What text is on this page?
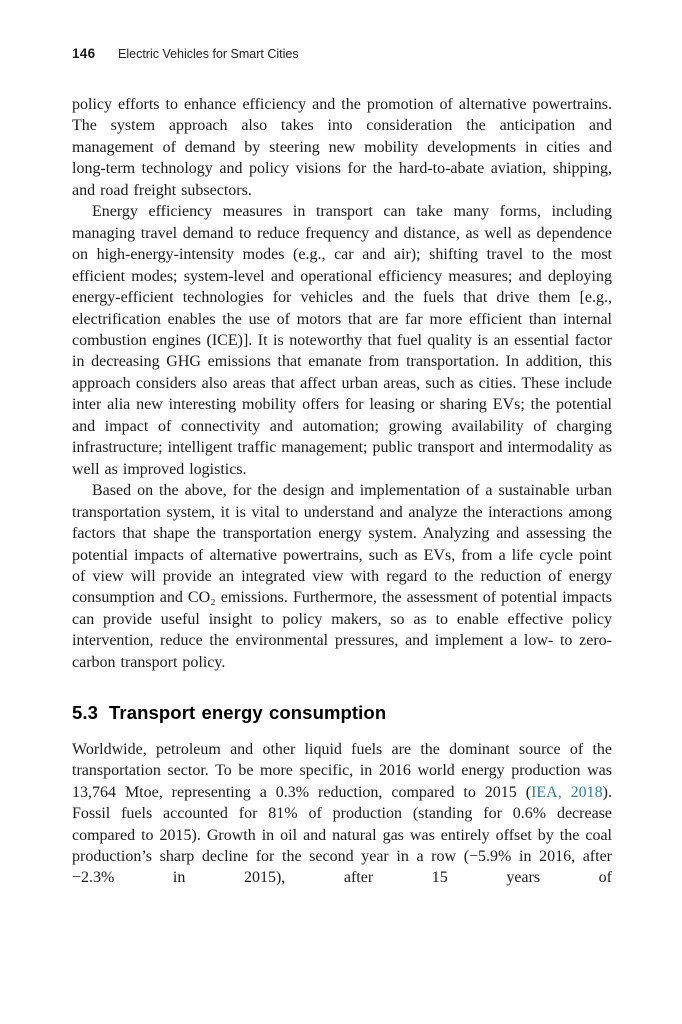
146	Electric Vehicles for Smart Cities

policy efforts to enhance efficiency and the promotion of alternative powertrains. The system approach also takes into consideration the anticipation and management of demand by steering new mobility developments in cities and long-term technology and policy visions for the hard-to-abate aviation, shipping, and road freight subsectors.

Energy efficiency measures in transport can take many forms, including managing travel demand to reduce frequency and distance, as well as dependence on high-energy-intensity modes (e.g., car and air); shifting travel to the most efficient modes; system-level and operational efficiency measures; and deploying energy-efficient technologies for vehicles and the fuels that drive them [e.g., electrification enables the use of motors that are far more efficient than internal combustion engines (ICE)]. It is noteworthy that fuel quality is an essential factor in decreasing GHG emissions that emanate from transportation. In addition, this approach considers also areas that affect urban areas, such as cities. These include inter alia new interesting mobility offers for leasing or sharing EVs; the potential and impact of connectivity and automation; growing availability of charging infrastructure; intelligent traffic management; public transport and intermodality as well as improved logistics.

Based on the above, for the design and implementation of a sustainable urban transportation system, it is vital to understand and analyze the interactions among factors that shape the transportation energy system. Analyzing and assessing the potential impacts of alternative powertrains, such as EVs, from a life cycle point of view will provide an integrated view with regard to the reduction of energy consumption and CO₂ emissions. Furthermore, the assessment of potential impacts can provide useful insight to policy makers, so as to enable effective policy intervention, reduce the environmental pressures, and implement a low- to zero-carbon transport policy.

5.3 Transport energy consumption

Worldwide, petroleum and other liquid fuels are the dominant source of the transportation sector. To be more specific, in 2016 world energy production was 13,764 Mtoe, representing a 0.3% reduction, compared to 2015 (IEA, 2018). Fossil fuels accounted for 81% of production (standing for 0.6% decrease compared to 2015). Growth in oil and natural gas was entirely offset by the coal production’s sharp decline for the second year in a row (−5.9% in 2016, after −2.3% in 2015), after 15 years of
